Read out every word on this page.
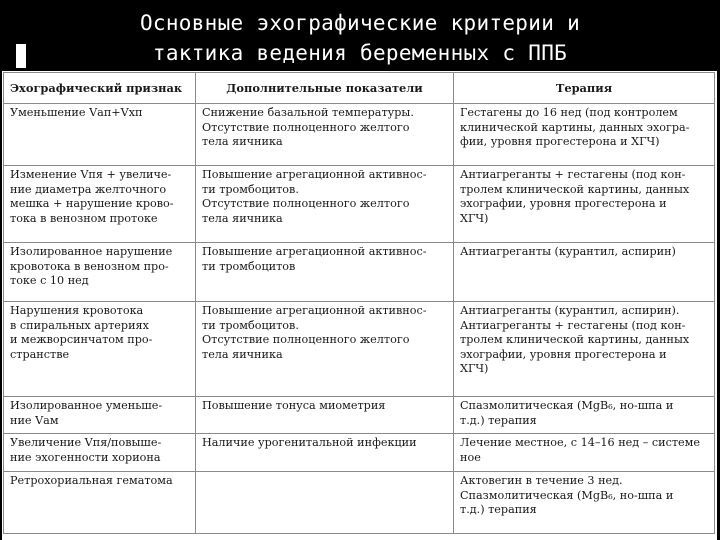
Основные эхографические критерии и
тактика ведения беременных с ППБ
Эхографический признак	Дополнительные показатели	Терапия
Уменьшение Vап+Vхп	Снижение базальной температуры.
Отсутствие полноценного желтого
тела яичника	Гестагены до 16 нед (под контролем
клинической картины, данных эхогра-
фии, уровня прогестерона и ХГЧ)
Изменение Vпя + увеличе-
ние диаметра желточного
мешка + нарушение крово-
тока в венозном протоке	Повышение агрегационной активнос-
ти тромбоцитов.
Отсутствие полноценного желтого
тела яичника	Антиагреганты + гестагены (под кон-
тролем клинической картины, данных
эхографии, уровня прогестерона и
ХГЧ)
Изолированное нарушение
кровотока в венозном про-
токе с 10 нед	Повышение агрегационной активнос-
ти тромбоцитов	Антиагреганты (курантил, аспирин)
Нарушения кровотока
в спиральных артериях
и межворсинчатом про-
странстве	Повышение агрегационной активнос-
ти тромбоцитов.
Отсутствие полноценного желтого
тела яичника	Антиагреганты (курантил, аспирин).
Антиагреганты + гестагены (под кон-
тролем клинической картины, данных
эхографии, уровня прогестерона и
ХГЧ)
Изолированное уменьше-
ние Vам	Повышение тонуса миометрия	Спазмолитическая (MgB₆, но-шпа и
т.д.) терапия
Увеличение Vпя/повыше-
ние эхогенности хориона	Наличие урогенитальной инфекции	Лечение местное, с 14–16 нед – системе
ное
Ретрохориальная гематома		Актовегин в течение 3 нед.
Спазмолитическая (MgB₆, но-шпа и
т.д.) терапия
